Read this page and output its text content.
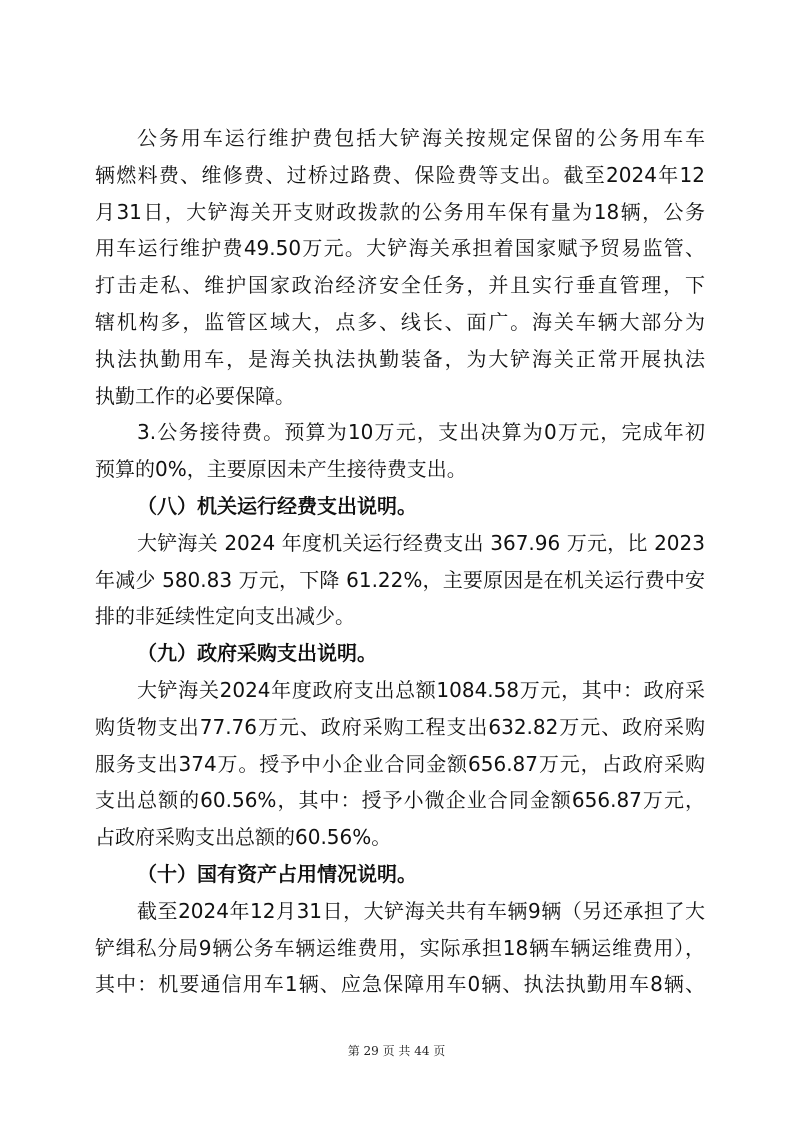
公务用车运行维护费包括大铲海关按规定保留的公务用车车
辆燃料费、维修费、过桥过路费、保险费等支出。截至2024年12
月31日，大铲海关开支财政拨款的公务用车保有量为18辆，公务
用车运行维护费49.50万元。大铲海关承担着国家赋予贸易监管、
打击走私、维护国家政治经济安全任务，并且实行垂直管理，下
辖机构多，监管区域大，点多、线长、面广。海关车辆大部分为
执法执勤用车，是海关执法执勤装备，为大铲海关正常开展执法
执勤工作的必要保障。
3.公务接待费。预算为10万元，支出决算为0万元，完成年初
预算的0%，主要原因未产生接待费支出。
（八）机关运行经费支出说明。
大铲海关 2024 年度机关运行经费支出 367.96 万元，比 2023
年减少 580.83 万元，下降 61.22%，主要原因是在机关运行费中安
排的非延续性定向支出减少。
（九）政府采购支出说明。
大铲海关2024年度政府支出总额1084.58万元，其中：政府采
购货物支出77.76万元、政府采购工程支出632.82万元、政府采购
服务支出374万。授予中小企业合同金额656.87万元，占政府采购
支出总额的60.56%，其中：授予小微企业合同金额656.87万元，
占政府采购支出总额的60.56%。
（十）国有资产占用情况说明。
截至2024年12月31日，大铲海关共有车辆9辆（另还承担了大
铲缉私分局9辆公务车辆运维费用，实际承担18辆车辆运维费用），
其中：机要通信用车1辆、应急保障用车0辆、执法执勤用车8辆、
第 29 页 共 44 页
